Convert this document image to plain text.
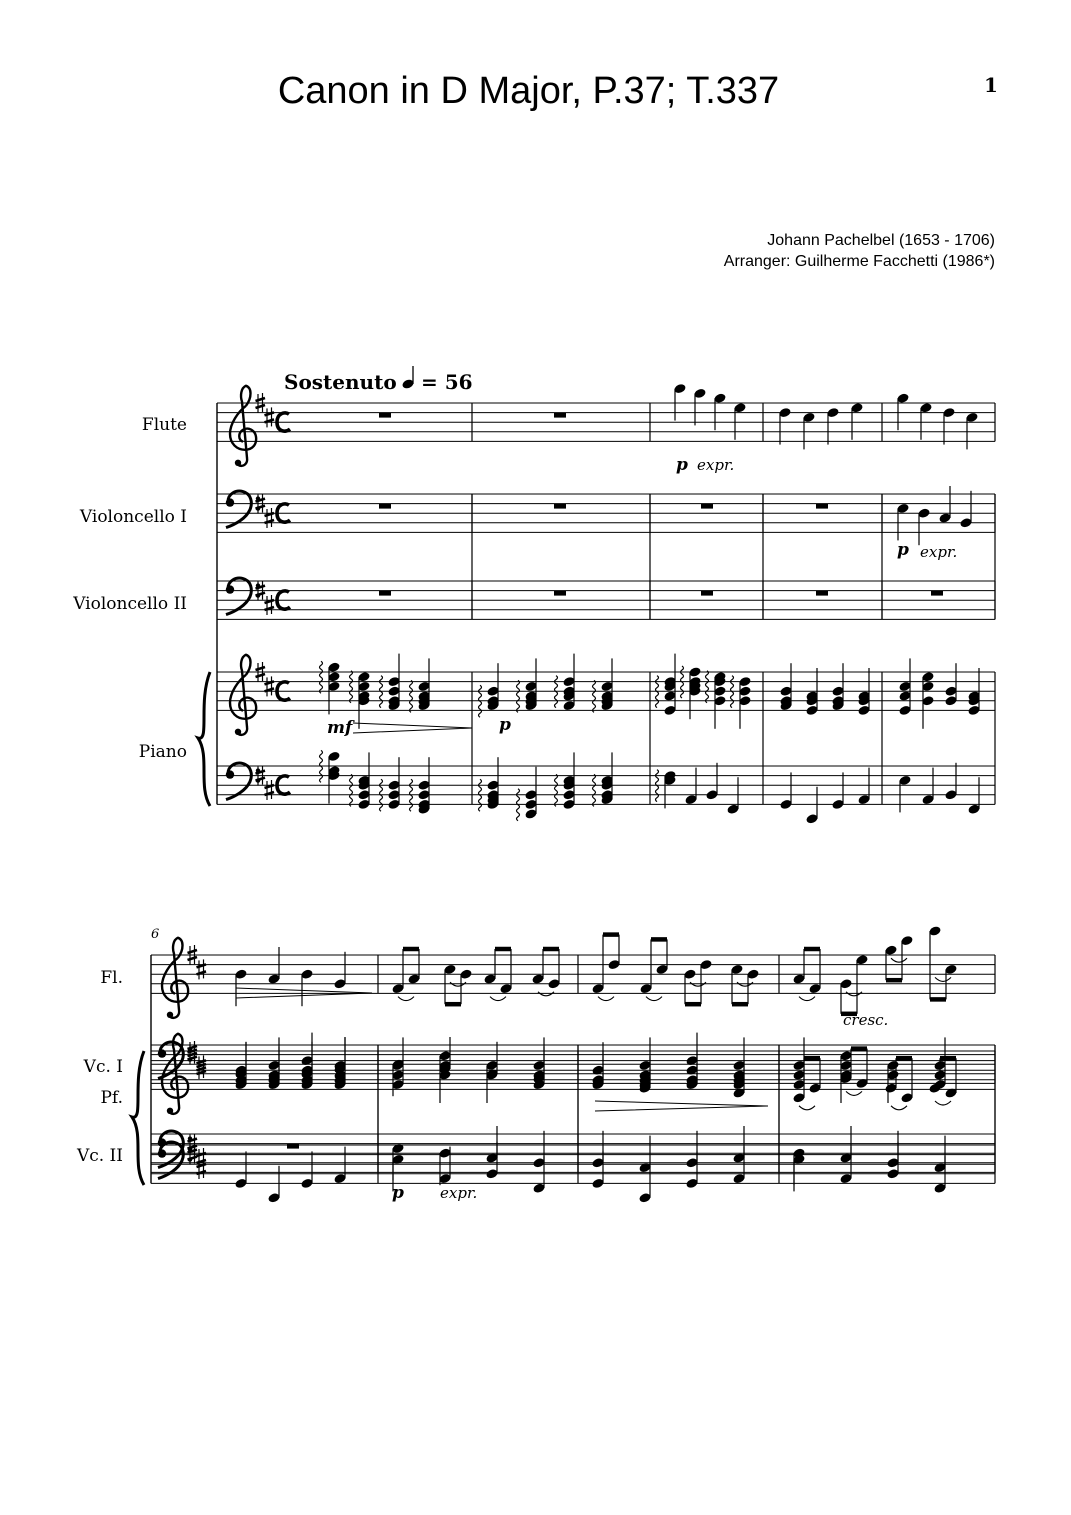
Canon in D Major, P.37; T.337	1
Johann Pachelbel (1653 - 1706)
Arranger: Guilherme Facchetti (1986*)
Sostenuto = 56
Flute
Violoncello I
Violoncello II
Piano
p expr.
p expr.
mf	p
6
Fl.
Vc. I
Vc. II
Pf.
cresc.
p expr.
